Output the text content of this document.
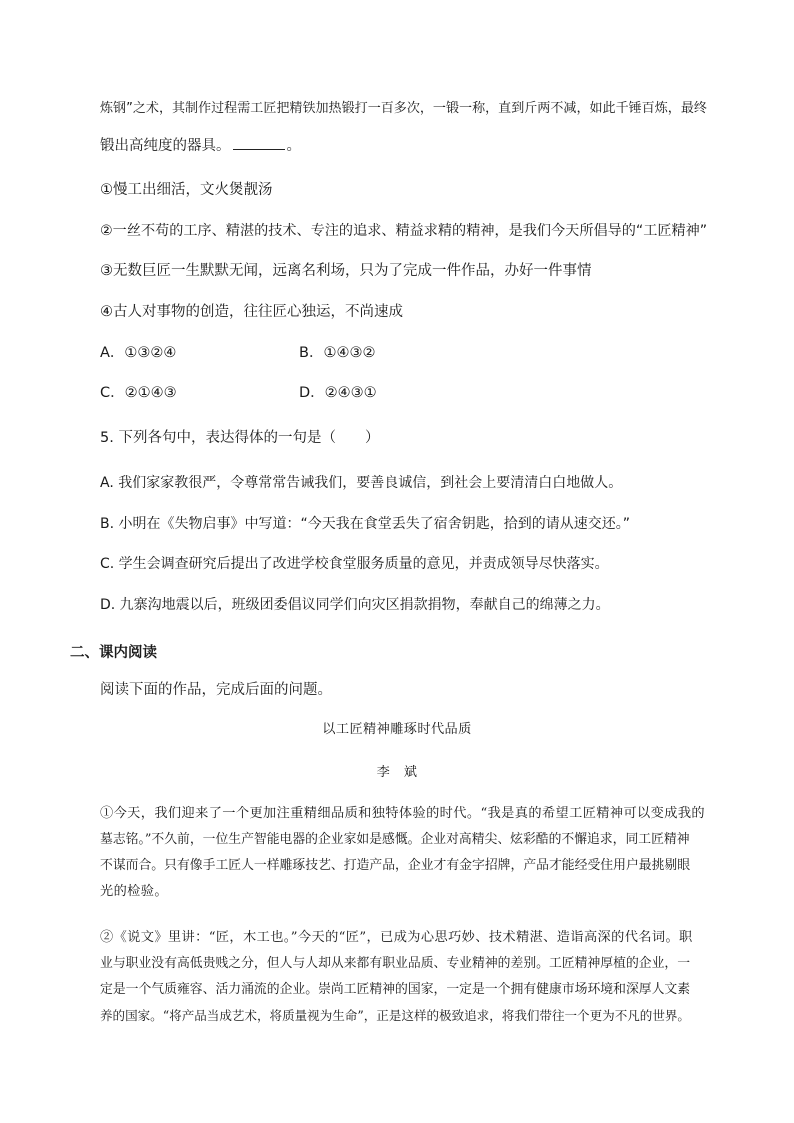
炼钢”之术，其制作过程需工匠把精铁加热锻打一百多次，一锻一称，直到斤两不减，如此千锤百炼，最终
锻出高纯度的器具。	。
①慢工出细活，文火煲靓汤
②一丝不苟的工序、精湛的技术、专注的追求、精益求精的精神，是我们今天所倡导的“工匠精神”
③无数巨匠一生默默无闻，远离名利场，只为了完成一件作品，办好一件事情
④古人对事物的创造，往往匠心独运，不尚速成
A．①③②④	B．①④③②
C．②①④③	D．②④③①
5. 下列各句中，表达得体的一句是（　　）
A. 我们家家教很严，令尊常常告诫我们，要善良诚信，到社会上要清清白白地做人。
B. 小明在《失物启事》中写道：“今天我在食堂丢失了宿舍钥匙，拾到的请从速交还。”
C. 学生会调查研究后提出了改进学校食堂服务质量的意见，并责成领导尽快落实。
D. 九寨沟地震以后，班级团委倡议同学们向灾区捐款捐物，奉献自己的绵薄之力。
二、课内阅读
阅读下面的作品，完成后面的问题。
以工匠精神雕琢时代品质
李　斌
①今天，我们迎来了一个更加注重精细品质和独特体验的时代。“我是真的希望工匠精神可以变成我的
墓志铭。”不久前，一位生产智能电器的企业家如是感慨。企业对高精尖、炫彩酷的不懈追求，同工匠精神
不谋而合。只有像手工匠人一样雕琢技艺、打造产品，企业才有金字招牌，产品才能经受住用户最挑剔眼
光的检验。
②《说文》里讲：“匠，木工也。”今天的“匠”，已成为心思巧妙、技术精湛、造诣高深的代名词。职
业与职业没有高低贵贱之分，但人与人却从来都有职业品质、专业精神的差别。工匠精神厚植的企业，一
定是一个气质雍容、活力涌流的企业。崇尚工匠精神的国家，一定是一个拥有健康市场环境和深厚人文素
养的国家。“将产品当成艺术，将质量视为生命”，正是这样的极致追求，将我们带往一个更为不凡的世界。
